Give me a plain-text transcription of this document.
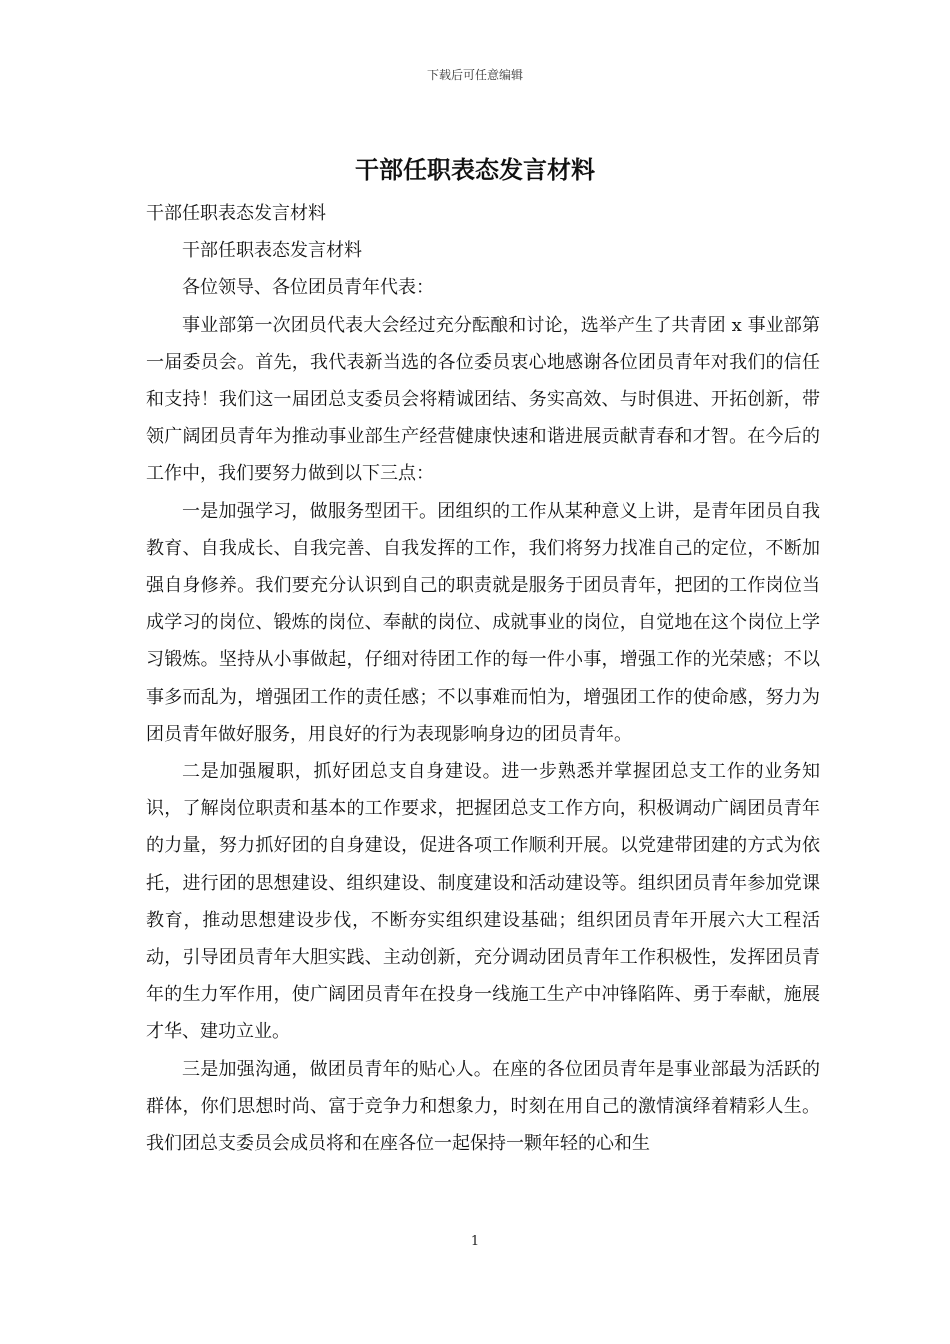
下载后可任意编辑
干部任职表态发言材料

干部任职表态发言材料

干部任职表态发言材料

各位领导、各位团员青年代表：

事业部第一次团员代表大会经过充分酝酿和讨论，选举产生了共青团 x 事业部第一届委员会。首先，我代表新当选的各位委员衷心地感谢各位团员青年对我们的信任和支持！我们这一届团总支委员会将精诚团结、务实高效、与时俱进、开拓创新，带领广阔团员青年为推动事业部生产经营健康快速和谐进展贡献青春和才智。在今后的工作中，我们要努力做到以下三点：

一是加强学习，做服务型团干。团组织的工作从某种意义上讲，是青年团员自我教育、自我成长、自我完善、自我发挥的工作，我们将努力找准自己的定位，不断加强自身修养。我们要充分认识到自己的职责就是服务于团员青年，把团的工作岗位当成学习的岗位、锻炼的岗位、奉献的岗位、成就事业的岗位，自觉地在这个岗位上学习锻炼。坚持从小事做起，仔细对待团工作的每一件小事，增强工作的光荣感；不以事多而乱为，增强团工作的责任感；不以事难而怕为，增强团工作的使命感，努力为团员青年做好服务，用良好的行为表现影响身边的团员青年。

二是加强履职，抓好团总支自身建设。进一步熟悉并掌握团总支工作的业务知识，了解岗位职责和基本的工作要求，把握团总支工作方向，积极调动广阔团员青年的力量，努力抓好团的自身建设，促进各项工作顺利开展。以党建带团建的方式为依托，进行团的思想建设、组织建设、制度建设和活动建设等。组织团员青年参加党课教育，推动思想建设步伐，不断夯实组织建设基础；组织团员青年开展六大工程活动，引导团员青年大胆实践、主动创新，充分调动团员青年工作积极性，发挥团员青年的生力军作用，使广阔团员青年在投身一线施工生产中冲锋陷阵、勇于奉献，施展才华、建功立业。

三是加强沟通，做团员青年的贴心人。在座的各位团员青年是事业部最为活跃的群体，你们思想时尚、富于竞争力和想象力，时刻在用自己的激情演绎着精彩人生。我们团总支委员会成员将和在座各位一起保持一颗年轻的心和生

1
